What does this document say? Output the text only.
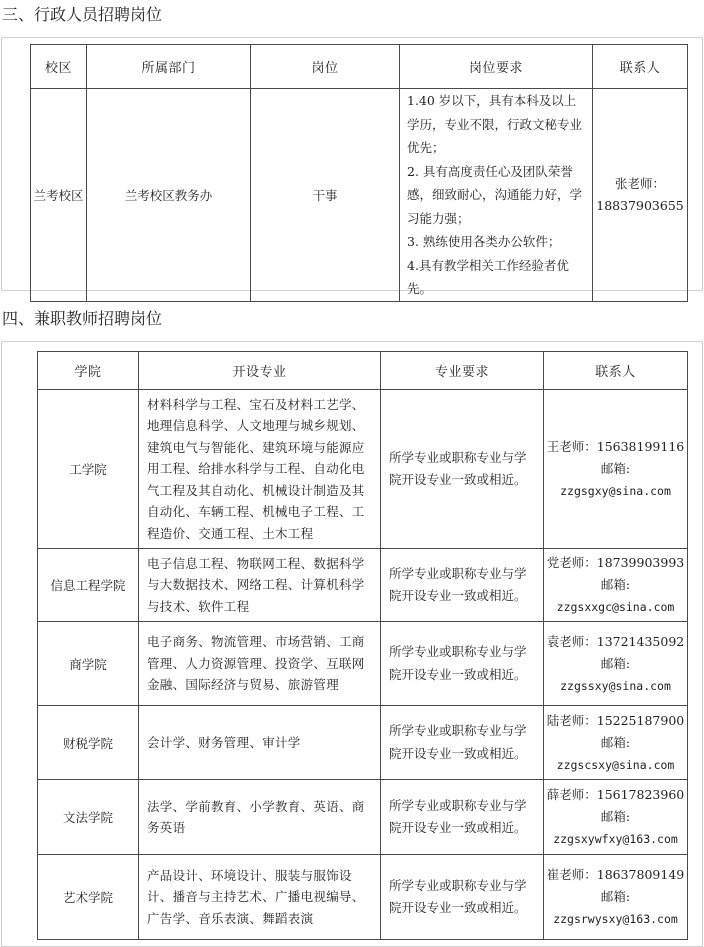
三、行政人员招聘岗位
校区	所属部门	岗位	岗位要求	联系人
兰考校区	兰考校区教务办	干事	1.40 岁以下，具有本科及以上学历，专业不限，行政文秘专业优先；
2. 具有高度责任心及团队荣誉感，细致耐心，沟通能力好，学习能力强；
3. 熟练使用各类办公软件；
4.具有教学相关工作经验者优先。	张老师：
18837903655
四、兼职教师招聘岗位
学院	开设专业	专业要求	联系人
工学院	材料科学与工程、宝石及材料工艺学、地理信息科学、人文地理与城乡规划、建筑电气与智能化、建筑环境与能源应用工程、给排水科学与工程、自动化电气工程及其自动化、机械设计制造及其自动化、车辆工程、机械电子工程、工程造价、交通工程、土木工程	所学专业或职称专业与学院开设专业一致或相近。	王老师：15638199116
邮箱:
zzgsgxy@sina.com

信息工程学院	电子信息工程、物联网工程、数据科学与大数据技术、网络工程、计算机科学与技术、软件工程	所学专业或职称专业与学院开设专业一致或相近。	党老师：18739903993
邮箱:
zzgsxxgc@sina.com

商学院	电子商务、物流管理、市场营销、工商管理、人力资源管理、投资学、互联网金融、国际经济与贸易、旅游管理	所学专业或职称专业与学院开设专业一致或相近。	袁老师：13721435092
邮箱:
zzgssxy@sina.com

财税学院	会计学、财务管理、审计学	所学专业或职称专业与学院开设专业一致或相近。	陆老师：15225187900
邮箱:
zzgscsxy@sina.com

文法学院	法学、学前教育、小学教育、英语、商务英语	所学专业或职称专业与学院开设专业一致或相近。	薛老师：15617823960
邮箱:
zzgsxywfxy@163.com

艺术学院	产品设计、环境设计、服装与服饰设计、播音与主持艺术、广播电视编导、广告学、音乐表演、舞蹈表演	所学专业或职称专业与学院开设专业一致或相近。	崔老师：18637809149
邮箱:
zzgsrwysxy@163.com
